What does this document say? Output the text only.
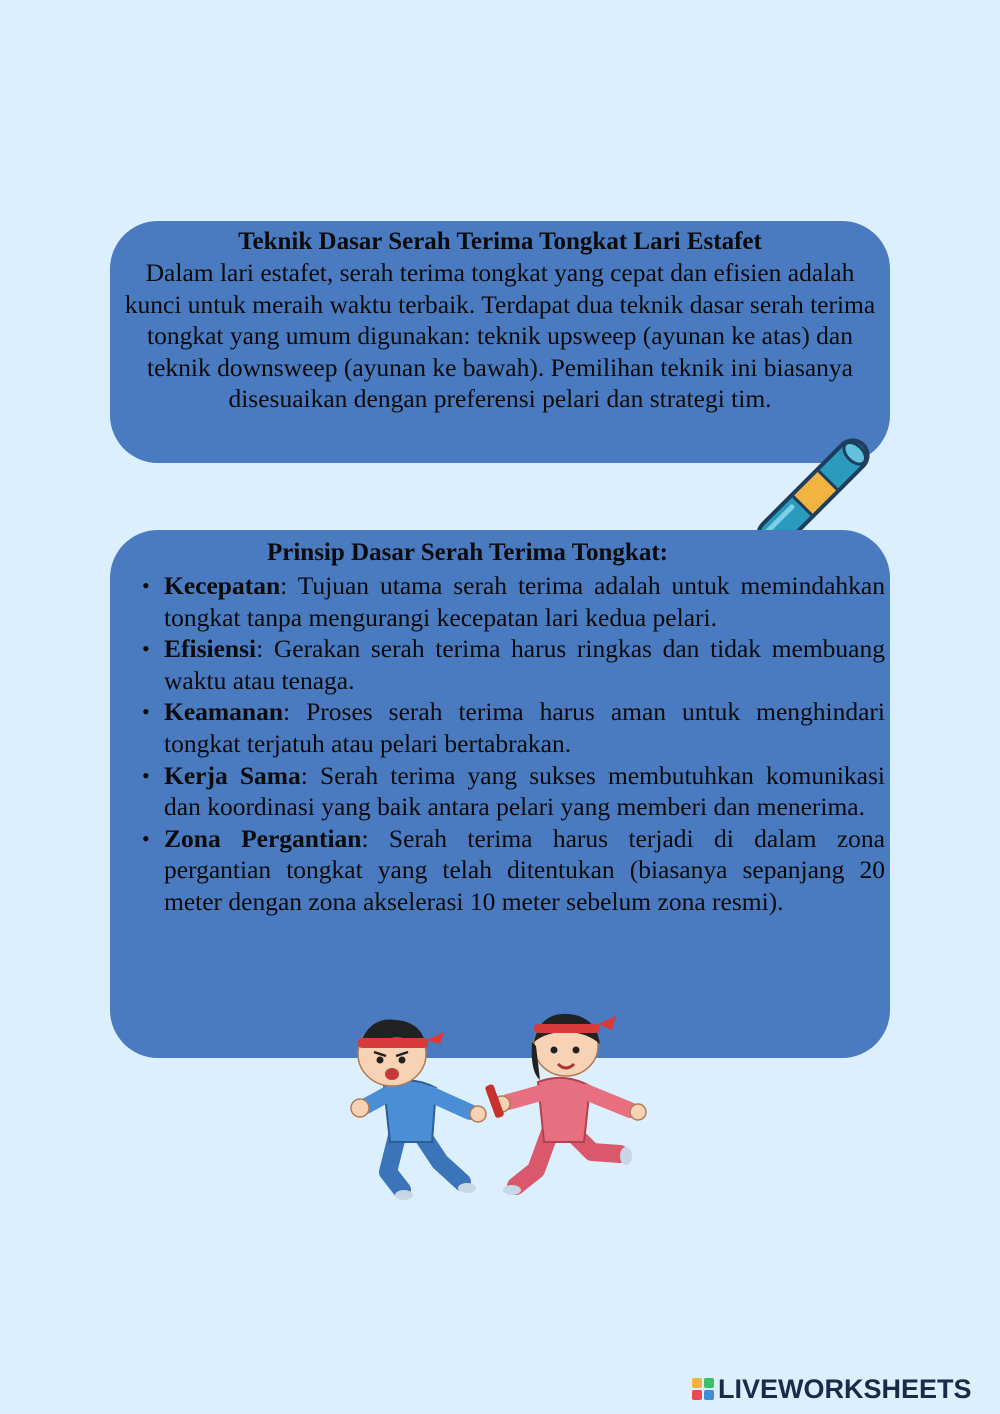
Teknik Dasar Serah Terima Tongkat Lari Estafet
Dalam lari estafet, serah terima tongkat yang cepat dan efisien adalah kunci untuk meraih waktu terbaik. Terdapat dua teknik dasar serah terima tongkat yang umum digunakan: teknik upsweep (ayunan ke atas) dan teknik downsweep (ayunan ke bawah). Pemilihan teknik ini biasanya disesuaikan dengan preferensi pelari dan strategi tim.
Prinsip Dasar Serah Terima Tongkat:
• Kecepatan: Tujuan utama serah terima adalah untuk memindahkan tongkat tanpa mengurangi kecepatan lari kedua pelari.
• Efisiensi: Gerakan serah terima harus ringkas dan tidak membuang waktu atau tenaga.
• Keamanan: Proses serah terima harus aman untuk menghindari tongkat terjatuh atau pelari bertabrakan.
• Kerja Sama: Serah terima yang sukses membutuhkan komunikasi dan koordinasi yang baik antara pelari yang memberi dan menerima.
• Zona Pergantian: Serah terima harus terjadi di dalam zona pergantian tongkat yang telah ditentukan (biasanya sepanjang 20 meter dengan zona akselerasi 10 meter sebelum zona resmi).
LIVEWORKSHEETS
